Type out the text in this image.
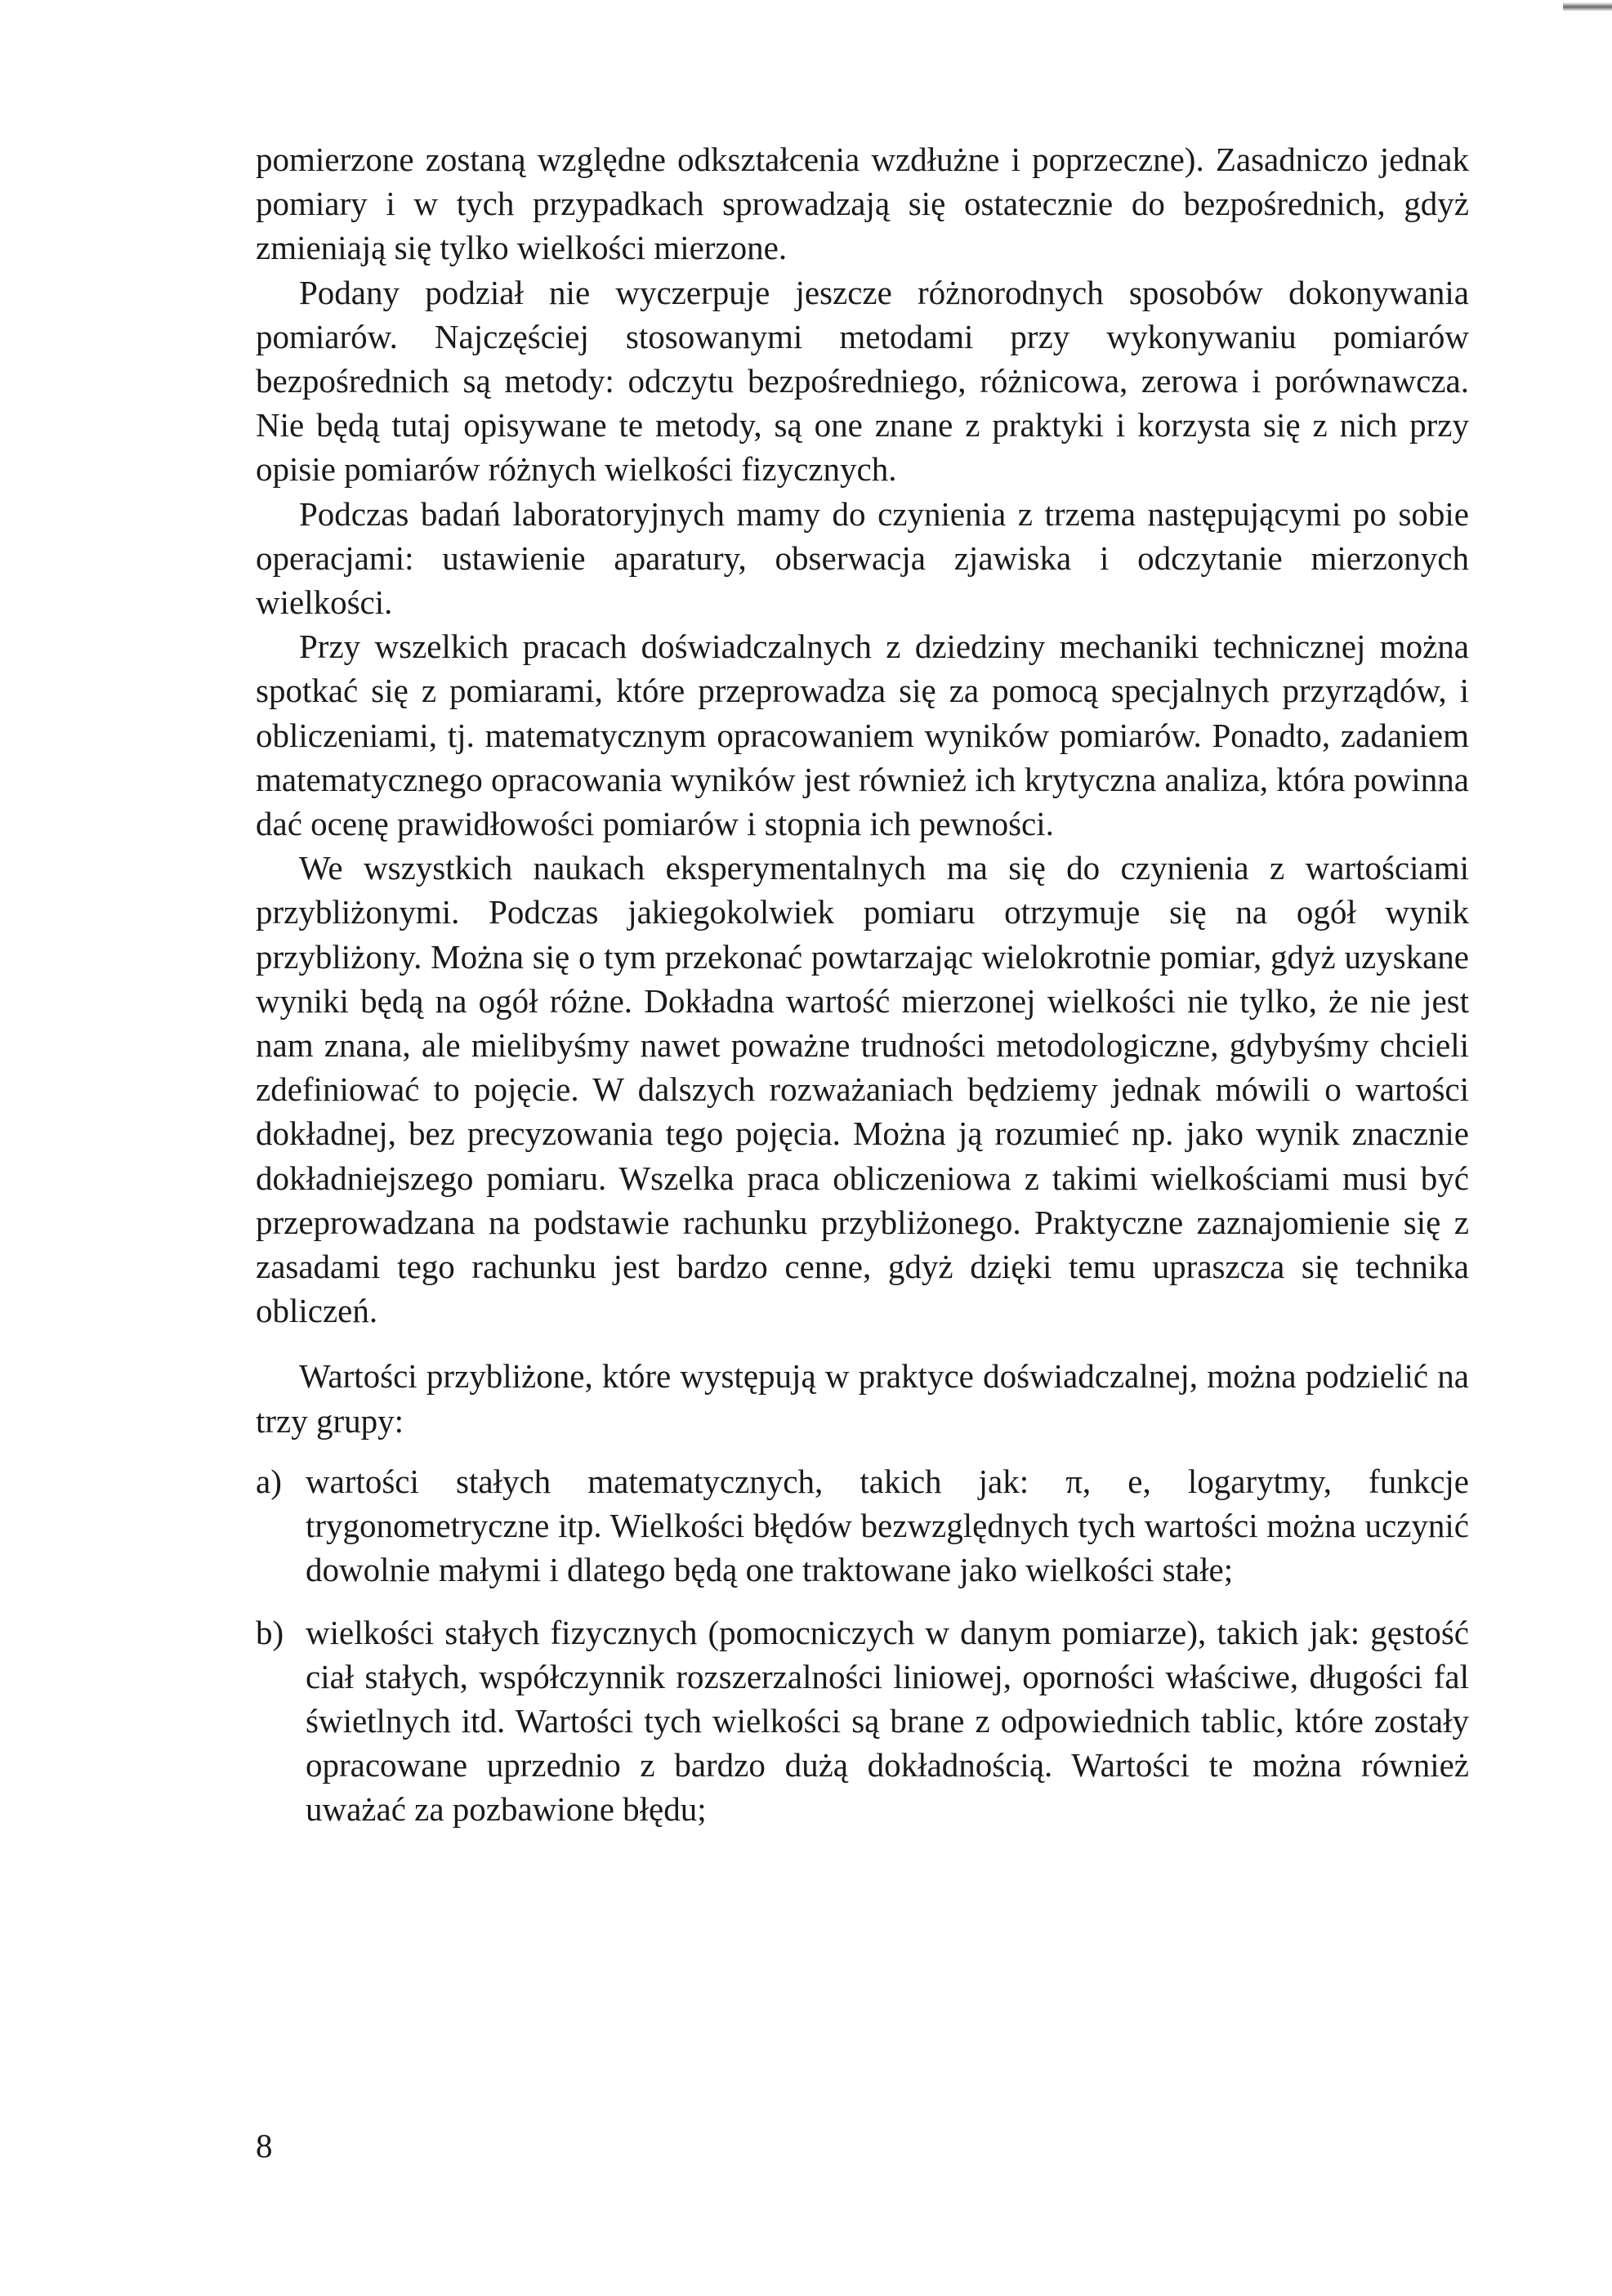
pomierzone zostaną względne odkształcenia wzdłużne i poprzeczne). Zasadniczo jednak pomiary i w tych przypadkach sprowadzają się ostatecznie do bezpośrednich, gdyż zmieniają się tylko wielkości mierzone.

Podany podział nie wyczerpuje jeszcze różnorodnych sposobów dokonywania pomiarów. Najczęściej stosowanymi metodami przy wykonywaniu pomiarów bezpośrednich są metody: odczytu bezpośredniego, różnicowa, zerowa i porównawcza. Nie będą tutaj opisywane te metody, są one znane z praktyki i korzysta się z nich przy opisie pomiarów różnych wielkości fizycznych.

Podczas badań laboratoryjnych mamy do czynienia z trzema następującymi po sobie operacjami: ustawienie aparatury, obserwacja zjawiska i odczytanie mierzonych wielkości.

Przy wszelkich pracach doświadczalnych z dziedziny mechaniki technicznej można spotkać się z pomiarami, które przeprowadza się za pomocą specjalnych przyrządów, i obliczeniami, tj. matematycznym opracowaniem wyników pomiarów. Ponadto, zadaniem matematycznego opracowania wyników jest również ich krytyczna analiza, która powinna dać ocenę prawidłowości pomiarów i stopnia ich pewności.

We wszystkich naukach eksperymentalnych ma się do czynienia z wartościami przybliżonymi. Podczas jakiegokolwiek pomiaru otrzymuje się na ogół wynik przybliżony. Można się o tym przekonać powtarzając wielokrotnie pomiar, gdyż uzyskane wyniki będą na ogół różne. Dokładna wartość mierzonej wielkości nie tylko, że nie jest nam znana, ale mielibyśmy nawet poważne trudności metodologiczne, gdybyśmy chcieli zdefiniować to pojęcie. W dalszych rozważaniach będziemy jednak mówili o wartości dokładnej, bez precyzowania tego pojęcia. Można ją rozumieć np. jako wynik znacznie dokładniejszego pomiaru. Wszelka praca obliczeniowa z takimi wielkościami musi być przeprowadzana na podstawie rachunku przybliżonego. Praktyczne zaznajomienie się z zasadami tego rachunku jest bardzo cenne, gdyż dzięki temu upraszcza się technika obliczeń.

Wartości przybliżone, które występują w praktyce doświadczalnej, można podzielić na trzy grupy:

a) wartości stałych matematycznych, takich jak: π, e, logarytmy, funkcje trygonometryczne itp. Wielkości błędów bezwzględnych tych wartości można uczynić dowolnie małymi i dlatego będą one traktowane jako wielkości stałe;
b) wielkości stałych fizycznych (pomocniczych w danym pomiarze), takich jak: gęstość ciał stałych, współczynnik rozszerzalności liniowej, oporności właściwe, długości fal świetlnych itd. Wartości tych wielkości są brane z odpowiednich tablic, które zostały opracowane uprzednio z bardzo dużą dokładnością. Wartości te można również uważać za pozbawione błędu;
8
